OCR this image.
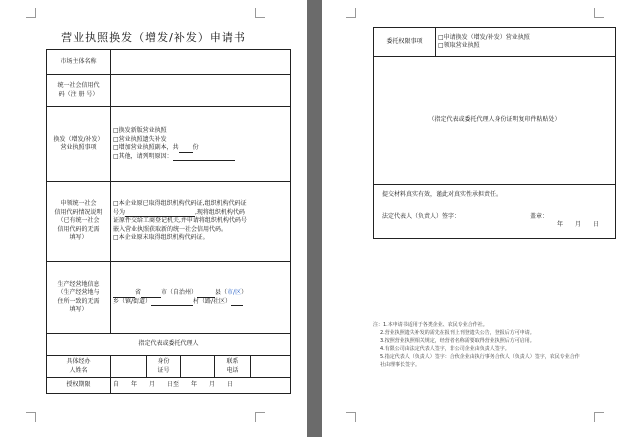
营业执照换发（增发/补发）申请书
市场主体名称					

统一社会信用代
码（注 册 号）					

换发（增发/补发）
营业执照事项	□换发新版营业执照
□营业执照遗失补发
□增加营业执照副本，共 份
□其他，请列明原因：				

申领统一社会
信用代码情况说明
（已有统一社会
信用代码的无需
填写）	□本企业原已取得组织机构代码证,组织机构代码证
号为 ,现将组织机构代码
证原件交给工商登记机关,并申请将组织机构代码号
嵌入营业执照获取新的统一社会信用代码。
□本企业原未取得组织机构代码证。				

生产经营地信息
（生产经营地与
住所一致的无需
填写）	省 市（自治州） 县（市/区）
乡（镇/街道） 村（路/社区）				

指定代表或委托代理人					

具体经办
人姓名		身份
证号		联系
电话	

授权期限	自　　年　　月　　日至　　年　　月　　日				
委托权限事项	
□申请换发（增发/补发）营业执照
□领取营业执照

（指定代表或委托代理人身份证明复印件粘贴处）

提交材料真实有效，谨此对真实性承担责任。
法定代表人（负责人）签字：	盖章：
年　　月　　日
注：1.本申请书适用于各类企业、农民专业合作社。
2.营业执照遗失补发的需先在报刊上刊登遗失公告，登报后方可申请。
3.按照营业执照相关规定，经营者名称需要取得营业执照后方可启用。
4.有限公司由法定代表人签字，非公司企业由负责人签字。
5.指定代表人（负责人）签字：合伙企业由执行事务合伙人（负责人）签字，农民专业合作
社由理事长签字。
